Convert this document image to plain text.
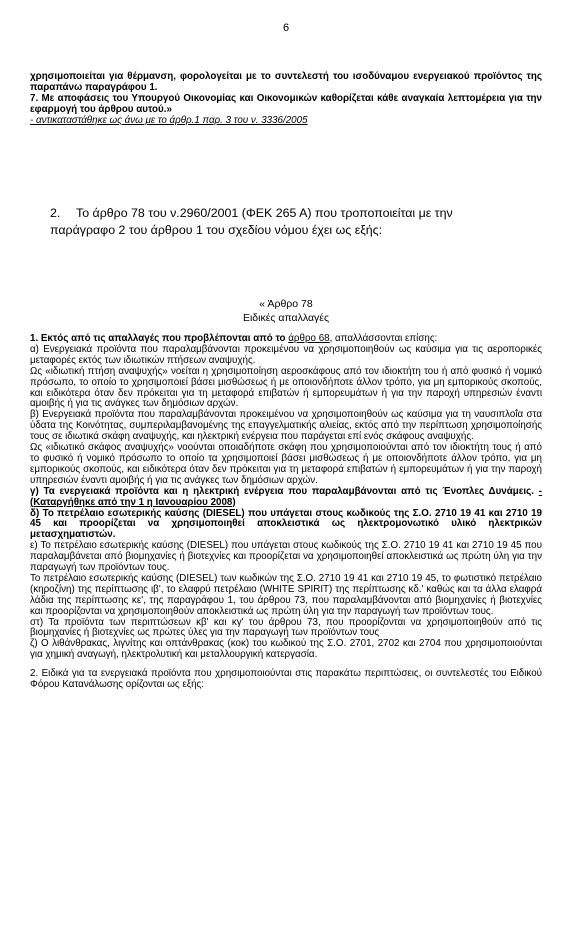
6

χρησιμοποιείται για θέρμανση, φορολογείται με το συντελεστή του ισοδύναμου ενεργειακού προϊόντος της παραπάνω παραγράφου 1.

7. Με αποφάσεις του Υπουργού Οικονομίας και Οικονομικών καθορίζεται κάθε αναγκαία λεπτομέρεια για την εφαρμογή του άρθρου αυτού.»

- αντικαταστάθηκε ως άνω με το άρθρ.1 παρ. 3 του ν. 3336/2005

2. Το άρθρο 78 του ν.2960/2001 (ΦΕΚ 265 Α) που τροποποιείται με την παράγραφο 2 του άρθρου 1 του σχεδίου νόμου έχει ως εξής:
« Άρθρο 78
Ειδικές απαλλαγές

1. Εκτός από τις απαλλαγές που προβλέπονται από το άρθρο 68, απαλλάσσονται επίσης:

α) Ενεργειακά προϊόντα που παραλαμβάνονται προκειμένου να χρησιμοποιηθούν ως καύσιμα για τις αεροπορικές μεταφορές εκτός των ιδιωτικών πτήσεων αναψυχής.

Ως «ιδιωτική πτήση αναψυχής» νοείται η χρησιμοποίηση αεροσκάφους από τον ιδιοκτήτη του ή από φυσικό ή νομικό πρόσωπο, το οποίο το χρησιμοποιεί βάσει μισθώσεως ή με οποιονδήποτε άλλον τρόπο, για μη εμπορικούς σκοπούς, και ειδικότερα όταν δεν πρόκειται για τη μεταφορά επιβατών ή εμπορευμάτων ή για την παροχή υπηρεσιών έναντι αμοιβής ή για τις ανάγκες των δημόσιων αρχών.

β) Ενεργειακά προϊόντα που παραλαμβάνονται προκειμένου να χρησιμοποιηθούν ως καύσιμα για τη ναυσιπλοΐα στα ύδατα της Κοινότητας, συμπεριλαμβανομένης της επαγγελματικής αλιείας, εκτός από την περίπτωση χρησιμοποίησής τους σε ιδιωτικά σκάφη αναψυχής, και ηλεκτρική ενέργεια που παράγεται επί ενός σκάφους αναψυχής.

Ως «ιδιωτικό σκάφος αναψυχής» νοούνται οποιαδήποτε σκάφη που χρησιμοποιούνται από τον ιδιοκτήτη τους ή από το φυσικό ή νομικό πρόσωπο το οποίο τα χρησιμοποιεί βάσει μισθώσεως ή με οποιονδήποτε άλλον τρόπο, για μη εμπορικούς σκοπούς, και ειδικότερα όταν δεν πρόκειται για τη μεταφορά επιβατών ή εμπορευμάτων ή για την παροχή υπηρεσιών έναντι αμοιβής ή για τις ανάγκες των δημόσιων αρχών.

γ) Τα ενεργειακά προϊόντα και η ηλεκτρική ενέργεια που παραλαμβάνονται από τις Ένοπλες Δυνάμεις. -(Καταργήθηκε από την 1 η Ιανουαρίου 2008)

δ) Το πετρέλαιο εσωτερικής καύσης (DIESEL) που υπάγεται στους κωδικούς της Σ.Ο. 2710 19 41 και 2710 19 45 και προορίζεται να χρησιμοποιηθεί αποκλειστικά ως ηλεκτρομονωτικό υλικό ηλεκτρικών μετασχηματιστών.

ε) Το πετρέλαιο εσωτερικής καύσης (DIESEL) που υπάγεται στους κωδικούς της Σ.Ο. 2710 19 41 και 2710 19 45 που παραλαμβάνεται από βιομηχανίες ή βιοτεχνίες και προορίζεται να χρησιμοποιηθεί αποκλειστικά ως πρώτη ύλη για την παραγωγή των προϊόντων τους.

Το πετρέλαιο εσωτερικής καύσης (DIESEL) των κωδικών της Σ.Ο. 2710 19 41 και 2710 19 45, το φωτιστικό πετρέλαιο (κηροζίνη) της περίπτωσης ιβ', το ελαφρύ πετρέλαιο (WHITE SPIRIT) της περίπτωσης κδ.' καθώς και τα άλλα ελαφρά λάδια της περίπτωσης κε', της παραγράφου 1, του άρθρου 73, που παραλαμβάνονται από βιομηχανίες ή βιοτεχνίες και προορίζονται να χρησιμοποιηθούν αποκλειστικά ως πρώτη ύλη για την παραγωγή των προϊόντων τους.

στ) Τα προϊόντα των περιπτώσεων κβ' και κγ' του άρθρου 73, που προορίζονται να χρησιμοποιηθούν από τις βιομηχανίες ή βιοτεχνίες ως πρώτες ύλες για την παραγωγή των προϊόντων τους

ζ) Ο λιθάνθρακας, λιγνίτης και οπτάνθρακας (κοκ) του κωδικού της Σ.Ο. 2701, 2702 και 2704 που χρησιμοποιούνται για χημική αναγωγή, ηλεκτρολυτική και μεταλλουργική κατεργασία.

2. Ειδικά για τα ενεργειακά προϊόντα που χρησιμοποιούνται στις παρακάτω περιπτώσεις, οι συντελεστές του Ειδικού Φόρου Κατανάλωσης ορίζονται ως εξής:
